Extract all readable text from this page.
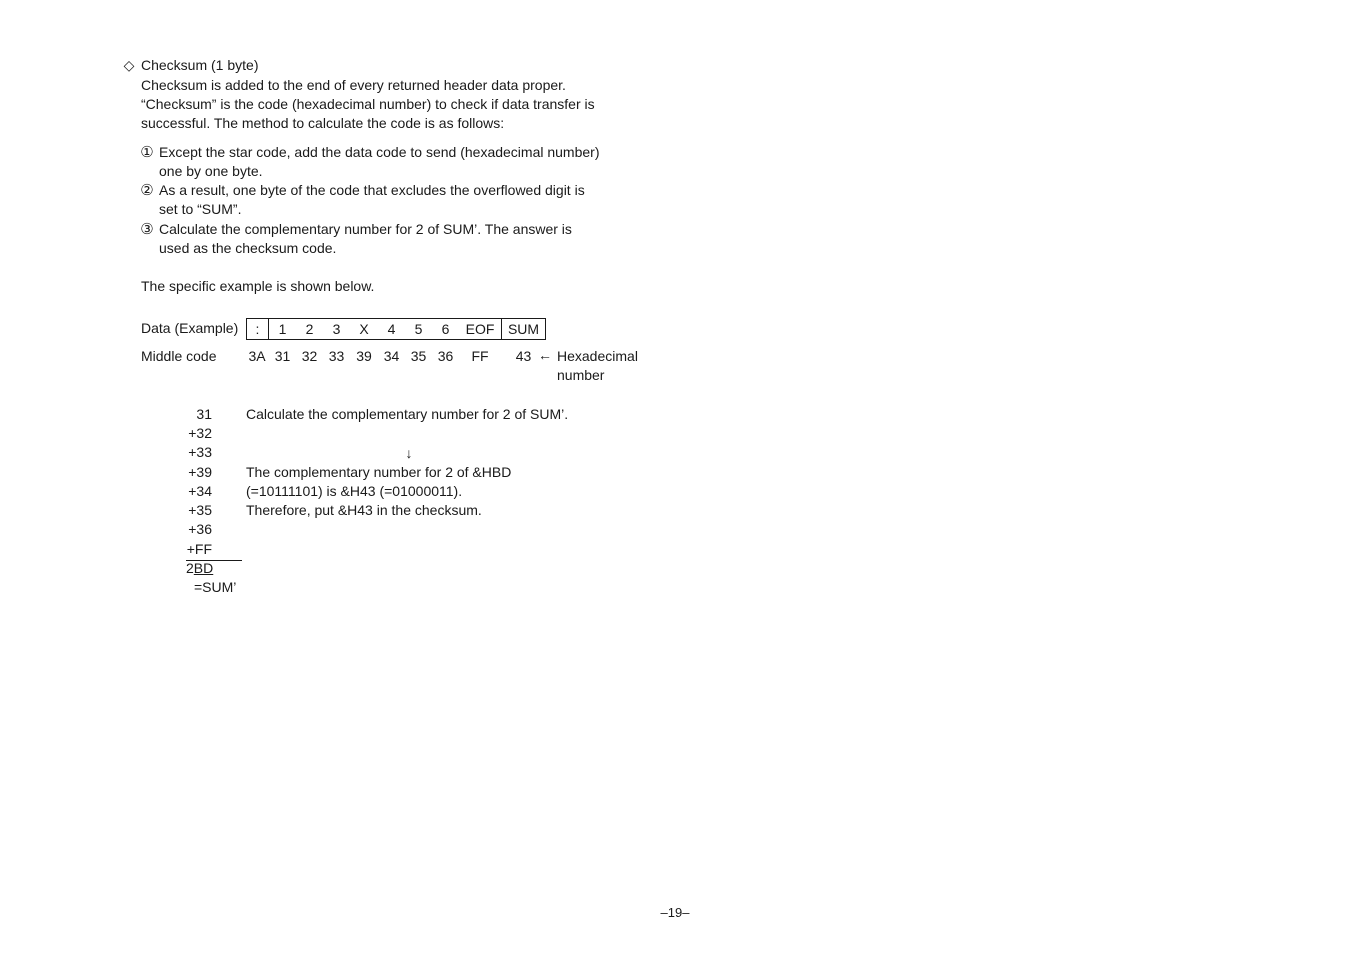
◇ Checksum (1 byte)
Checksum is added to the end of every returned header data proper.
“Checksum” is the code (hexadecimal number) to check if data transfer is
successful. The method to calculate the code is as follows:
① Except the star code, add the data code to send (hexadecimal number)
one by one byte.
② As a result, one byte of the code that excludes the overflowed digit is
set to “SUM”.
③ Calculate the complementary number for 2 of SUM’. The answer is
used as the checksum code.
The specific example is shown below.
Data (Example)	:	1	2	3	X	4	5	6	EOF SUM
Middle code	3A 31 32 33 39 34 35 36	FF	43 ← Hexadecimal
number
31
+32
+33
+39
+34
+35
+36
+FF
2BD
=SUM’
Calculate the complementary number for 2 of SUM’.
↓
The complementary number for 2 of &HBD
(=10111101) is &H43 (=01000011).
Therefore, put &H43 in the checksum.
–19–
